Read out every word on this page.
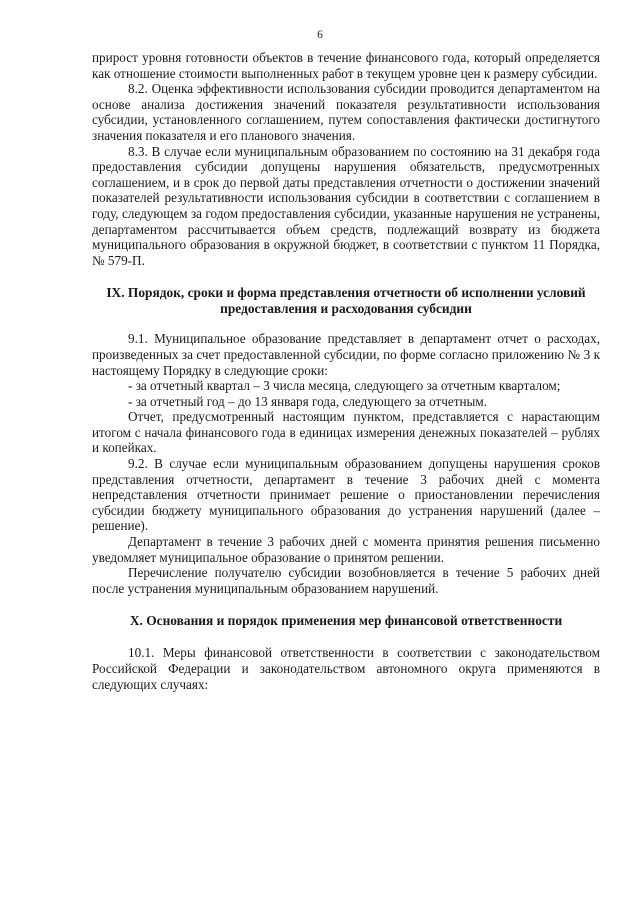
6

прирост уровня готовности объектов в течение финансового года, который определяется как отношение стоимости выполненных работ в текущем уровне цен к размеру субсидии.

8.2. Оценка эффективности использования субсидии проводится департаментом на основе анализа достижения значений показателя результативности использования субсидии, установленного соглашением, путем сопоставления фактически достигнутого значения показателя и его планового значения.

8.3. В случае если муниципальным образованием по состоянию на 31 декабря года предоставления субсидии допущены нарушения обязательств, предусмотренных соглашением, и в срок до первой даты представления отчетности о достижении значений показателей результативности использования субсидии в соответствии с соглашением в году, следующем за годом предоставления субсидии, указанные нарушения не устранены, департаментом рассчитывается объем средств, подлежащий возврату из бюджета муниципального образования в окружной бюджет, в соответствии с пунктом 11 Порядка, № 579-П.

IX. Порядок, сроки и форма представления отчетности об исполнении условий предоставления и расходования субсидии

9.1. Муниципальное образование представляет в департамент отчет о расходах, произведенных за счет предоставленной субсидии, по форме согласно приложению № 3 к настоящему Порядку в следующие сроки:

- за отчетный квартал – 3 числа месяца, следующего за отчетным кварталом;

- за отчетный год – до 13 января года, следующего за отчетным.

Отчет, предусмотренный настоящим пунктом, представляется с нарастающим итогом с начала финансового года в единицах измерения денежных показателей – рублях и копейках.

9.2. В случае если муниципальным образованием допущены нарушения сроков представления отчетности, департамент в течение 3 рабочих дней с момента непредставления отчетности принимает решение о приостановлении перечисления субсидии бюджету муниципального образования до устранения нарушений (далее – решение).

Департамент в течение 3 рабочих дней с момента принятия решения письменно уведомляет муниципальное образование о принятом решении.

Перечисление получателю субсидии возобновляется в течение 5 рабочих дней после устранения муниципальным образованием нарушений.

X. Основания и порядок применения мер финансовой ответственности

10.1. Меры финансовой ответственности в соответствии с законодательством Российской Федерации и законодательством автономного округа применяются в следующих случаях:
